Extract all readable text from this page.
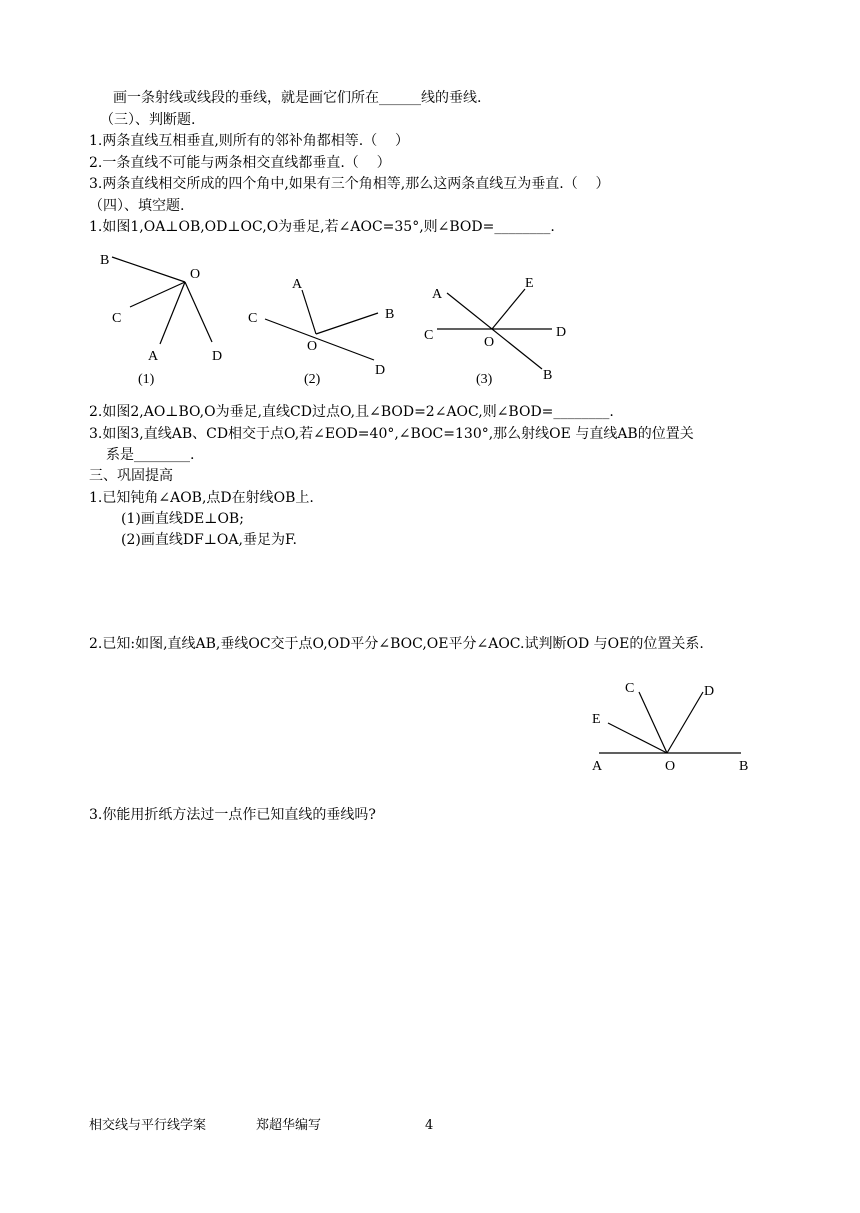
画一条射线或线段的垂线，就是画它们所在______线的垂线.
（三）、判断题.
1.两条直线互相垂直,则所有的邻补角都相等.（    ）
2.一条直线不可能与两条相交直线都垂直.（    ）
3.两条直线相交所成的四个角中,如果有三个角相等,那么这两条直线互为垂直.（    ）
（四）、填空题.
1.如图1,OA⊥OB,OD⊥OC,O为垂足,若∠AOC=35°,则∠BOD=________.
B
O
C
A	D
(1)
A
C	B
O
D
(2)
A
E
C	O
D
B
(3)
2.如图2,AO⊥BO,O为垂足,直线CD过点O,且∠BOD=2∠AOC,则∠BOD=________.
3.如图3,直线AB、CD相交于点O,若∠EOD=40°,∠BOC=130°,那么射线OE 与直线AB的位置关
系是________.
三、巩固提高
1.已知钝角∠AOB,点D在射线OB上.
(1)画直线DE⊥OB;
(2)画直线DF⊥OA,垂足为F.
2.已知:如图,直线AB,垂线OC交于点O,OD平分∠BOC,OE平分∠AOC.试判断OD 与OE的位置关系.
C	D
E
A	O	B
3.你能用折纸方法过一点作已知直线的垂线吗?
相交线与平行线学案	郑超华编写	4
